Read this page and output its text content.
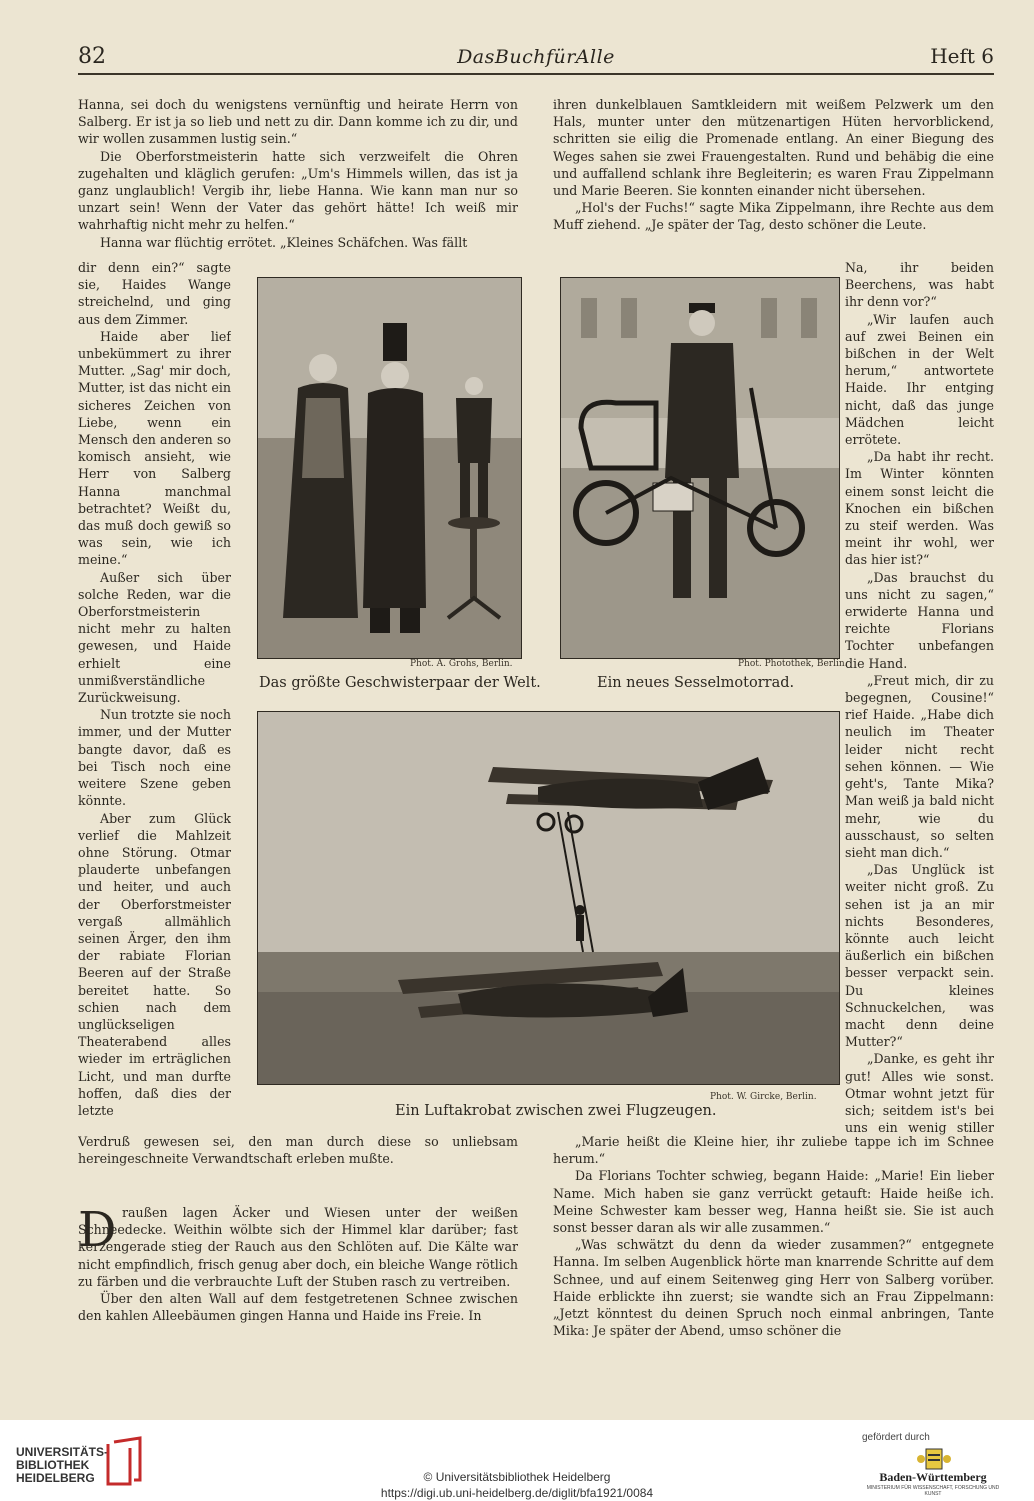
82	DasBuchfürAlle	Heft 6

Hanna, sei doch du wenigstens vernünftig und heirate Herrn von Salberg. Er ist ja so lieb und nett zu dir. Dann komme ich zu dir, und wir wollen zusammen lustig sein.“

Die Oberforstmeisterin hatte sich verzweifelt die Ohren zugehalten und kläglich gerufen: „Um's Himmels willen, das ist ja ganz unglaublich! Vergib ihr, liebe Hanna. Wie kann man nur so unzart sein! Wenn der Vater das gehört hätte! Ich weiß mir wahrhaftig nicht mehr zu helfen.“

Hanna war flüchtig errötet. „Kleines Schäfchen. Was fällt

dir denn ein?“ sagte sie, Haides Wange streichelnd, und ging aus dem Zimmer.

Haide aber lief unbekümmert zu ihrer Mutter. „Sag' mir doch, Mutter, ist das nicht ein sicheres Zeichen von Liebe, wenn ein Mensch den anderen so komisch ansieht, wie Herr von Salberg Hanna manchmal betrachtet? Weißt du, das muß doch gewiß so was sein, wie ich meine.“

Außer sich über solche Reden, war die Oberforstmeisterin nicht mehr zu halten gewesen, und Haide erhielt eine unmißverständliche Zurückweisung.

Nun trotzte sie noch immer, und der Mutter bangte davor, daß es bei Tisch noch eine weitere Szene geben könnte.

Aber zum Glück verlief die Mahlzeit ohne Störung. Otmar plauderte unbefangen und heiter, und auch der Oberforstmeister vergaß allmählich seinen Ärger, den ihm der rabiate Florian Beeren auf der Straße bereitet hatte. So schien nach dem unglückseligen Theaterabend alles wieder im erträglichen Licht, und man durfte hoffen, daß dies der letzte

Verdruß gewesen sei, den man durch diese so unliebsam hereingeschneite Verwandtschaft erleben mußte.

D raußen lagen Äcker und Wiesen unter der weißen Schneedecke. Weithin wölbte sich der Himmel klar darüber; fast kerzengerade stieg der Rauch aus den Schlöten auf. Die Kälte war nicht empfindlich, frisch genug aber doch, ein bleiche Wange rötlich zu färben und die verbrauchte Luft der Stuben rasch zu vertreiben.

Über den alten Wall auf dem festgetretenen Schnee zwischen den kahlen Alleebäumen gingen Hanna und Haide ins Freie. In

ihren dunkelblauen Samtkleidern mit weißem Pelzwerk um den Hals, munter unter den mützenartigen Hüten hervorblickend, schritten sie eilig die Promenade entlang. An einer Biegung des Weges sahen sie zwei Frauengestalten. Rund und behäbig die eine und auffallend schlank ihre Begleiterin; es waren Frau Zippelmann und Marie Beeren. Sie konnten einander nicht übersehen.

„Hol's der Fuchs!“ sagte Mika Zippelmann, ihre Rechte aus dem Muff ziehend. „Je später der Tag, desto schöner die Leute.

Na, ihr beiden Beerchens, was habt ihr denn vor?“

„Wir laufen auch auf zwei Beinen ein bißchen in der Welt herum,“ antwortete Haide. Ihr entging nicht, daß das junge Mädchen leicht errötete.

„Da habt ihr recht. Im Winter könnten einem sonst leicht die Knochen ein bißchen zu steif werden. Was meint ihr wohl, wer das hier ist?“

„Das brauchst du uns nicht zu sagen,“ erwiderte Hanna und reichte Florians Tochter unbefangen die Hand.

„Freut mich, dir zu begegnen, Cousine!“ rief Haide. „Habe dich neulich im Theater leider nicht recht sehen können. — Wie geht's, Tante Mika? Man weiß ja bald nicht mehr, wie du ausschaust, so selten sieht man dich.“

„Das Unglück ist weiter nicht groß. Zu sehen ist ja an mir nichts Besonderes, könnte auch leicht äußerlich ein bißchen besser verpackt sein. Du kleines Schnuckelchen, was macht denn deine Mutter?“

„Danke, es geht ihr gut! Alles wie sonst. Otmar wohnt jetzt für sich; seitdem ist's bei uns ein wenig stiller

„Marie heißt die Kleine hier, ihr zuliebe tappe ich im Schnee herum.“

Da Florians Tochter schwieg, begann Haide: „Marie! Ein lieber Name. Mich haben sie ganz verrückt getauft: Haide heiße ich. Meine Schwester kam besser weg, Hanna heißt sie. Sie ist auch sonst besser daran als wir alle zusammen.“

„Was schwätzt du denn da wieder zusammen?“ entgegnete Hanna. Im selben Augenblick hörte man knarrende Schritte auf dem Schnee, und auf einem Seitenweg ging Herr von Salberg vorüber. Haide erblickte ihn zuerst; sie wandte sich an Frau Zippelmann: „Jetzt könntest du deinen Spruch noch einmal anbringen, Tante Mika: Je später der Abend, umso schöner die

Phot. A. Grohs, Berlin.
Das größte Geschwisterpaar der Welt.
Phot. Photothek, Berlin.
Ein neues Sesselmotorrad.
Phot. W. Gircke, Berlin.
Ein Luftakrobat zwischen zwei Flugzeugen.
UNIVERSITÄTS-
BIBLIOTHEK
HEIDELBERG	© Universitätsbibliothek Heidelberg
https://digi.ub.uni-heidelberg.de/diglit/bfa1921/0084
gefördert durch
Baden-Württemberg
MINISTERIUM FÜR WISSENSCHAFT, FORSCHUNG UND KUNST
